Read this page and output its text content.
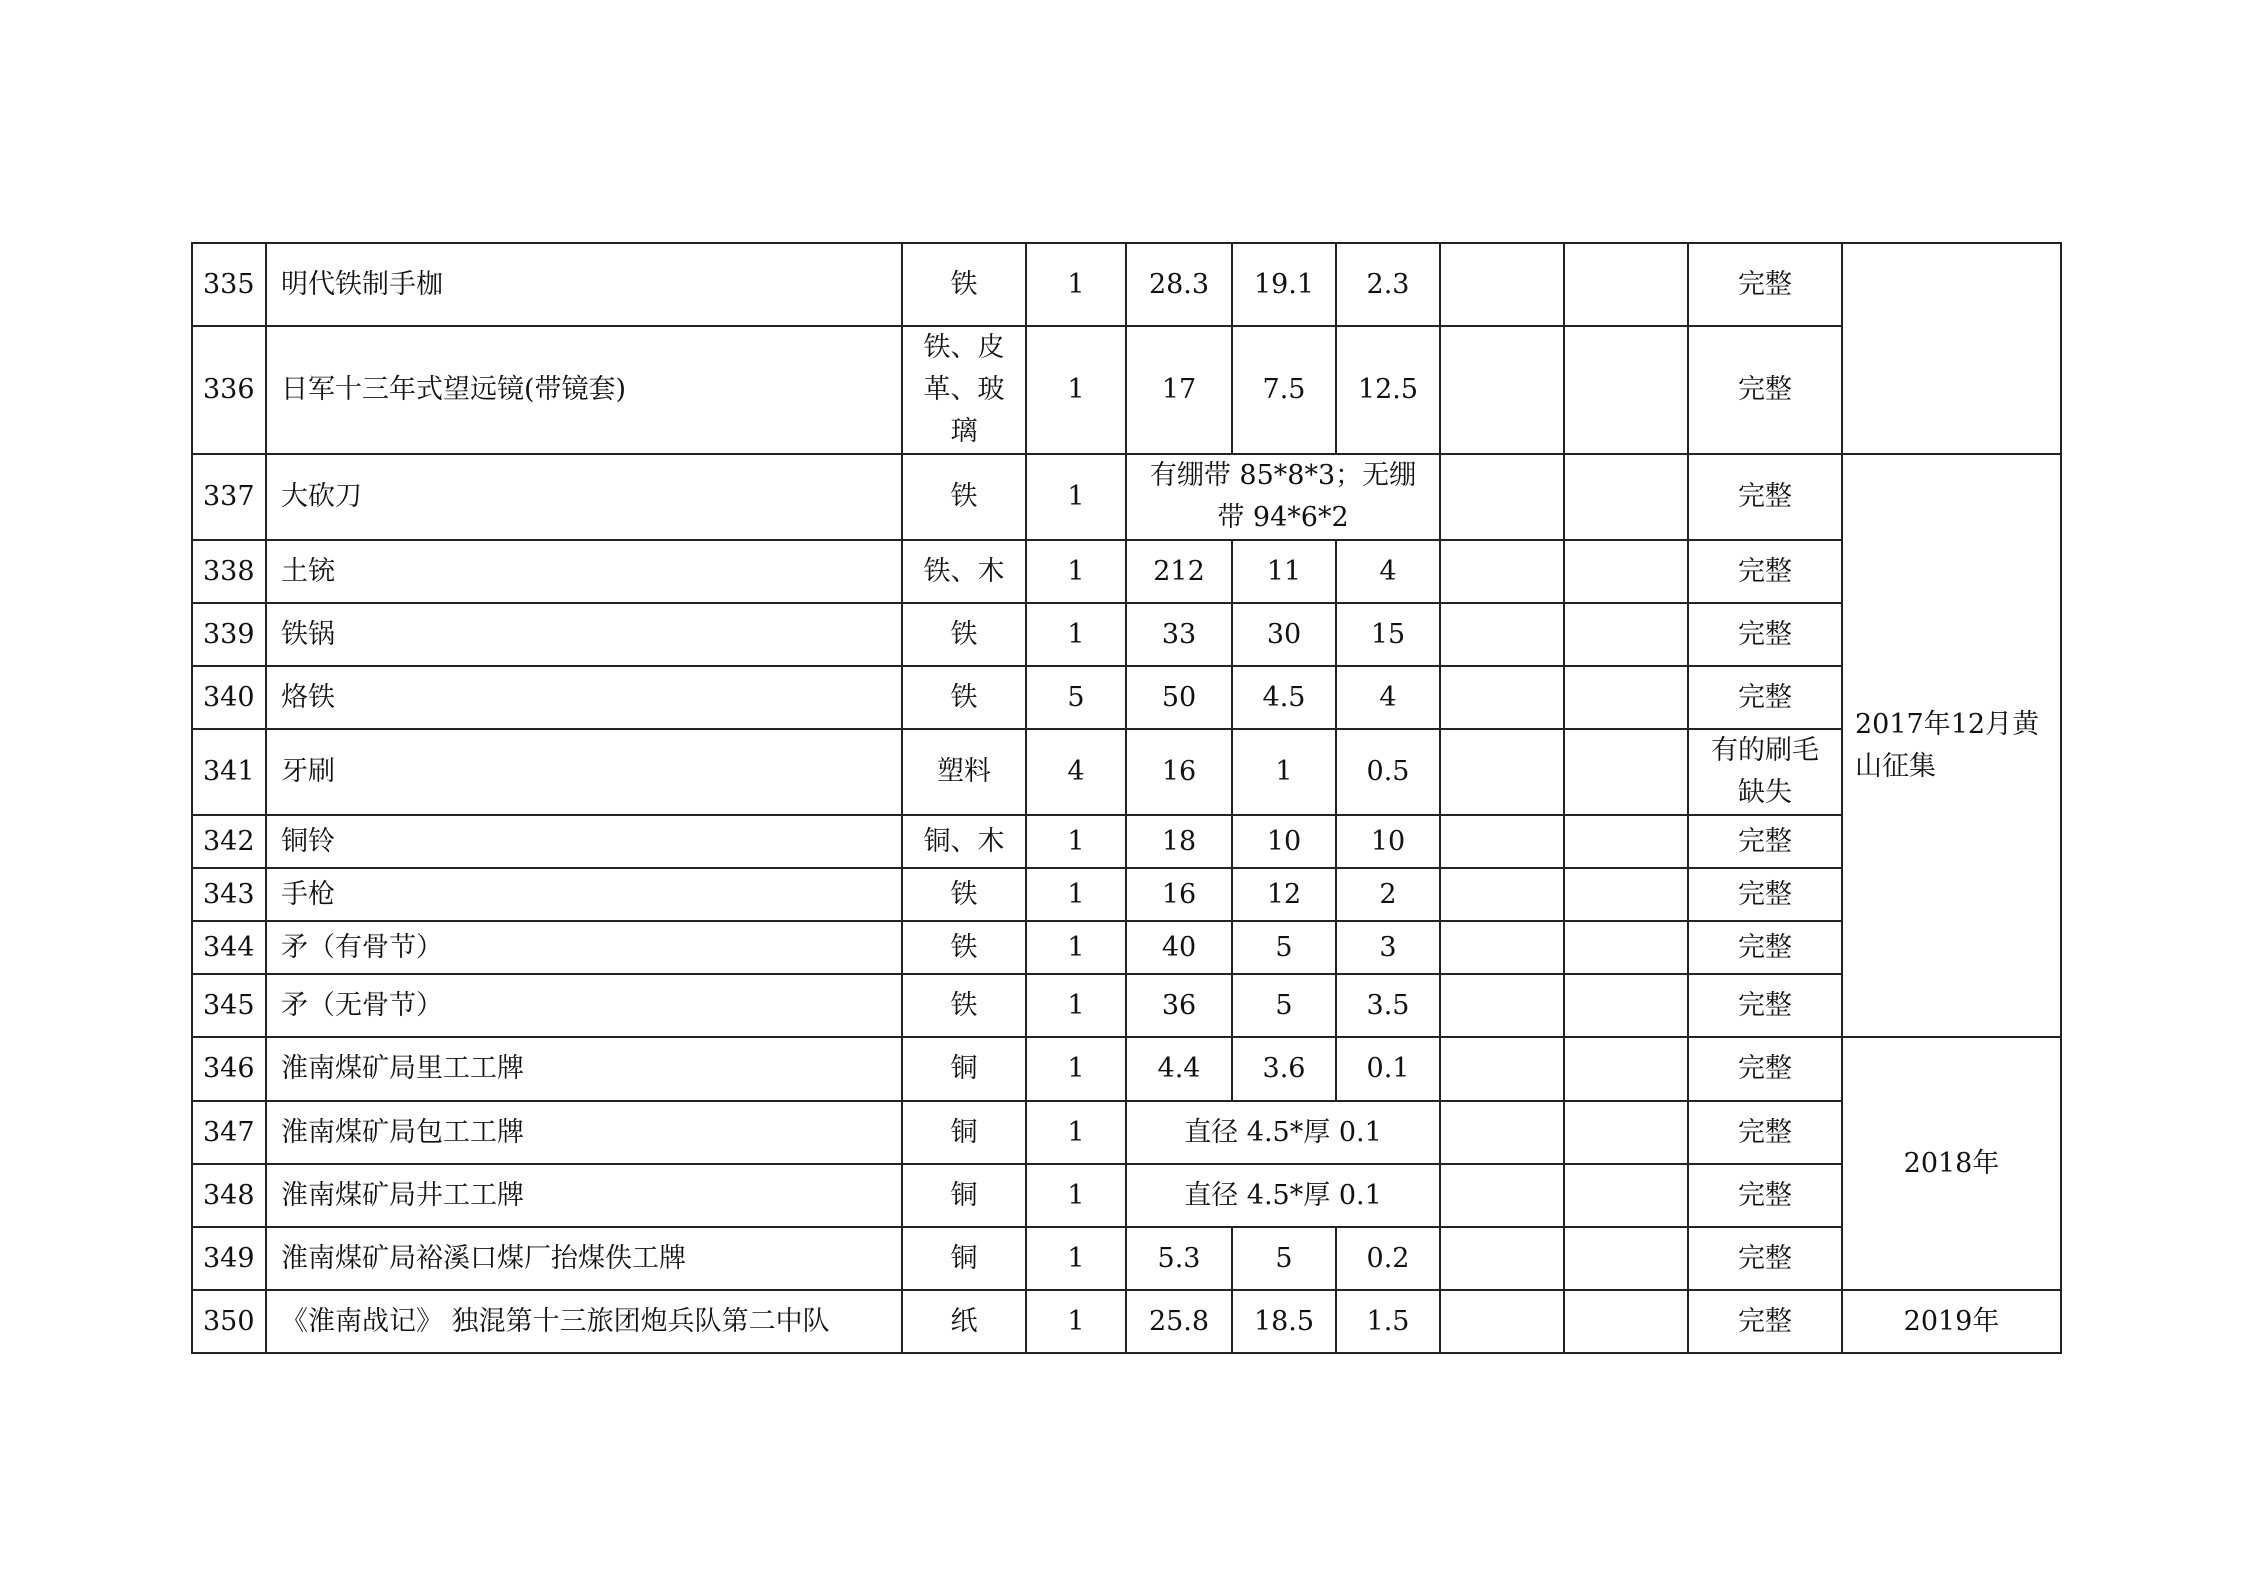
335	明代铁制手枷	铁	1	28.3	19.1	2.3			完整	
336	日军十三年式望远镜(带镜套)	铁、皮革、玻璃	1	17	7.5	12.5			完整	
337	大砍刀	铁	1	有绷带 85*8*3；无绷带 94*6*2					完整	2017年12月黄山征集
338	土铳	铁、木	1	212	11	4			完整	
339	铁锅	铁	1	33	30	15			完整	
340	烙铁	铁	5	50	4.5	4			完整	
341	牙刷	塑料	4	16	1	0.5			有的刷毛缺失	
342	铜铃	铜、木	1	18	10	10			完整	
343	手枪	铁	1	16	12	2			完整	
344	矛（有骨节）	铁	1	40	5	3			完整	
345	矛（无骨节）	铁	1	36	5	3.5			完整	
346	淮南煤矿局里工工牌	铜	1	4.4	3.6	0.1			完整	2018年
347	淮南煤矿局包工工牌	铜	1	直径 4.5*厚 0.1					完整	
348	淮南煤矿局井工工牌	铜	1	直径 4.5*厚 0.1					完整	
349	淮南煤矿局裕溪口煤厂抬煤佚工牌	铜	1	5.3	5	0.2			完整	
350	《淮南战记》 独混第十三旅团炮兵队第二中队	纸	1	25.8	18.5	1.5			完整	2019年
